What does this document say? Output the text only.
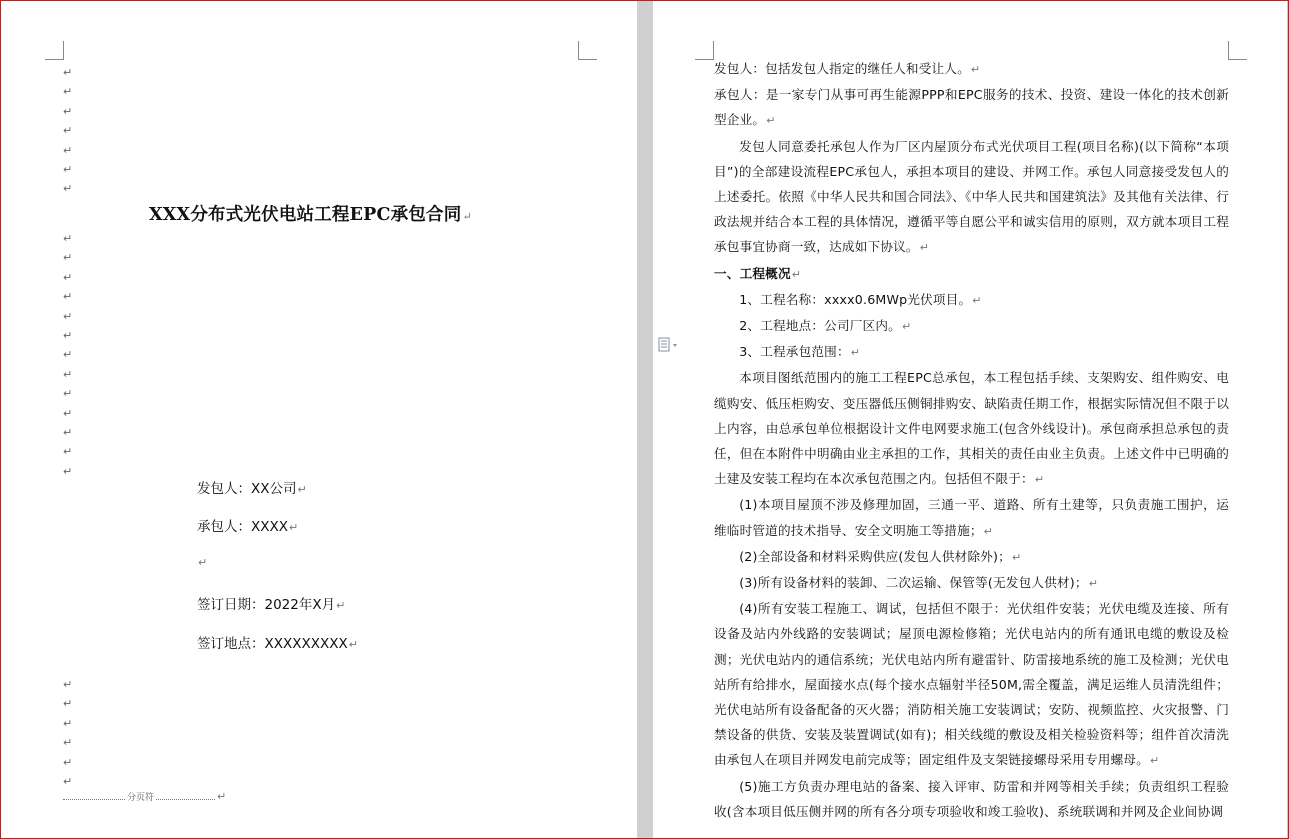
↵
↵
↵
↵
↵
↵
↵
XXX分布式光伏电站工程EPC承包合同↵
↵
↵
↵
↵
↵
↵
↵
↵
↵
↵
↵
↵
↵
发包人：XX公司↵
承包人：XXXX↵
↵
签订日期：2022年X月↵
签订地点：XXXXXXXXX↵
↵
↵
↵
↵
↵
↵
分页符	↵

发包人：包括发包人指定的继任人和受让人。↵

承包人：是一家专门从事可再生能源PPP和EPC服务的技术、投资、建设一体化的技术创新型企业。↵

发包人同意委托承包人作为厂区内屋顶分布式光伏项目工程(项目名称)(以下简称“本项目”)的全部建设流程EPC承包人，承担本项目的建设、并网工作。承包人同意接受发包人的上述委托。依照《中华人民共和国合同法》、《中华人民共和国建筑法》及其他有关法律、行政法规并结合本工程的具体情况，遵循平等自愿公平和诚实信用的原则，双方就本项目工程承包事宜协商一致，达成如下协议。↵

一、工程概况↵

1、工程名称：xxxx0.6MWp光伏项目。↵

2、工程地点：公司厂区内。↵

3、工程承包范围：↵

本项目图纸范围内的施工工程EPC总承包，本工程包括手续、支架购安、组件购安、电缆购安、低压柜购安、变压器低压侧铜排购安、缺陷责任期工作，根据实际情况但不限于以上内容，由总承包单位根据设计文件电网要求施工(包含外线设计)。承包商承担总承包的责任，但在本附件中明确由业主承担的工作，其相关的责任由业主负责。上述文件中已明确的土建及安装工程均在本次承包范围之内。包括但不限于：↵

(1)本项目屋顶不涉及修理加固，三通一平、道路、所有土建等，只负责施工围护，运维临时管道的技术指导、安全文明施工等措施；↵

(2)全部设备和材料采购供应(发包人供材除外)；↵

(3)所有设备材料的装卸、二次运输、保管等(无发包人供材)；↵

(4)所有安装工程施工、调试，包括但不限于：光伏组件安装；光伏电缆及连接、所有设备及站内外线路的安装调试；屋顶电源检修箱；光伏电站内的所有通讯电缆的敷设及检测；光伏电站内的通信系统；光伏电站内所有避雷针、防雷接地系统的施工及检测；光伏电站所有给排水，屋面接水点(每个接水点辐射半径50M,需全覆盖，满足运维人员清洗组件；光伏电站所有设备配备的灭火器；消防相关施工安装调试；安防、视频监控、火灾报警、门禁设备的供货、安装及装置调试(如有)；相关线缆的敷设及相关检验资料等；组件首次清洗由承包人在项目并网发电前完成等；固定组件及支架链接螺母采用专用螺母。↵

(5)施工方负责办理电站的备案、接入评审、防雷和并网等相关手续；负责组织工程验收(含本项目低压侧并网的所有各分项专项验收和竣工验收)、系统联调和并网及企业间协调
